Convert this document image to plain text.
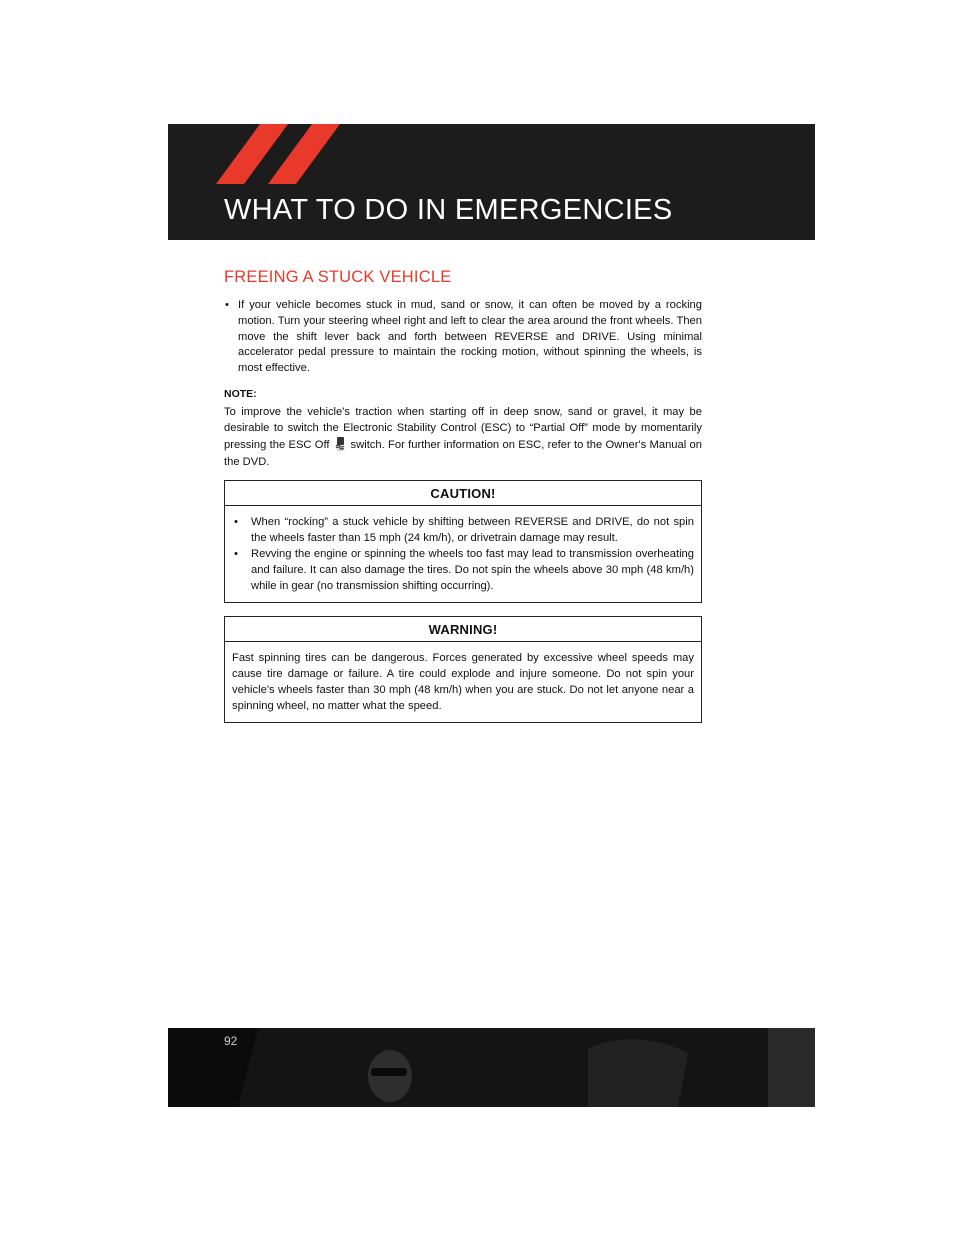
WHAT TO DO IN EMERGENCIES
FREEING A STUCK VEHICLE
• If your vehicle becomes stuck in mud, sand or snow, it can often be moved by a rocking motion. Turn your steering wheel right and left to clear the area around the front wheels. Then move the shift lever back and forth between REVERSE and DRIVE. Using minimal accelerator pedal pressure to maintain the rocking motion, without spinning the wheels, is most effective.
NOTE:
To improve the vehicle's traction when starting off in deep snow, sand or gravel, it may be desirable to switch the Electronic Stability Control (ESC) to “Partial Off” mode by momentarily pressing the ESC Off OFF switch. For further information on ESC, refer to the Owner's Manual on the DVD.
CAUTION!
• When “rocking” a stuck vehicle by shifting between REVERSE and DRIVE, do not spin the wheels faster than 15 mph (24 km/h), or drivetrain damage may result.
• Revving the engine or spinning the wheels too fast may lead to transmission overheating and failure. It can also damage the tires. Do not spin the wheels above 30 mph (48 km/h) while in gear (no transmission shifting occurring).
WARNING!
Fast spinning tires can be dangerous. Forces generated by excessive wheel speeds may cause tire damage or failure. A tire could explode and injure someone. Do not spin your vehicle's wheels faster than 30 mph (48 km/h) when you are stuck. Do not let anyone near a spinning wheel, no matter what the speed.
92
